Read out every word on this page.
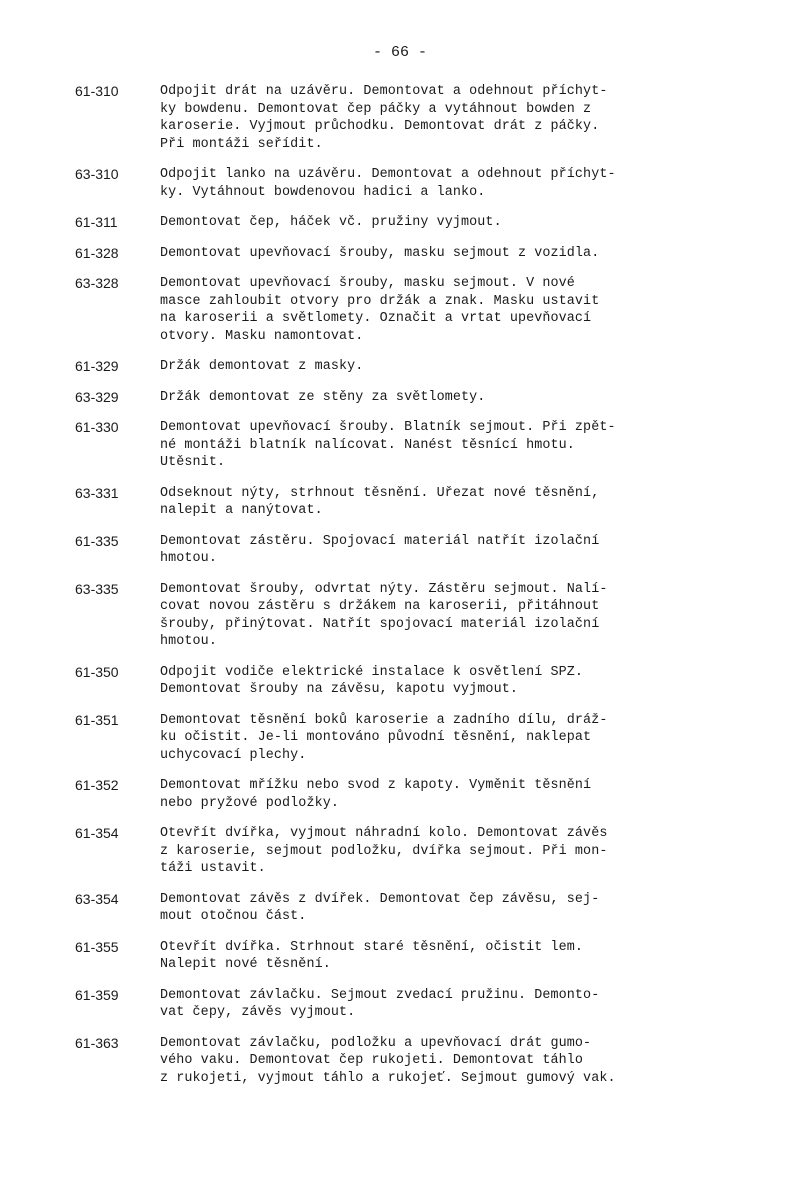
- 66 -
61-310	Odpojit drát na uzávěru. Demontovat a odehnout příchyt-
ky bowdenu. Demontovat čep páčky a vytáhnout bowden z
karoserie. Vyjmout průchodku. Demontovat drát z páčky.
Při montáži seřídit.
63-310	Odpojit lanko na uzávěru. Demontovat a odehnout příchyt-
ky. Vytáhnout bowdenovou hadici a lanko.
61-311	Demontovat čep, háček vč. pružiny vyjmout.
61-328	Demontovat upevňovací šrouby, masku sejmout z vozidla.
63-328	Demontovat upevňovací šrouby, masku sejmout. V nové
masce zahloubit otvory pro držák a znak. Masku ustavit
na karoserii a světlomety. Označit a vrtat upevňovací
otvory. Masku namontovat.
61-329	Držák demontovat z masky.
63-329	Držák demontovat ze stěny za světlomety.
61-330	Demontovat upevňovací šrouby. Blatník sejmout. Při zpět-
né montáži blatník nalícovat. Nanést těsnící hmotu.
Utěsnit.
63-331	Odseknout nýty, strhnout těsnění. Uřezat nové těsnění,
nalepit a nanýtovat.
61-335	Demontovat zástěru. Spojovací materiál natřít izolační
hmotou.
63-335	Demontovat šrouby, odvrtat nýty. Zástěru sejmout. Nalí-
covat novou zástěru s držákem na karoserii, přitáhnout
šrouby, přinýtovat. Natřít spojovací materiál izolační
hmotou.
61-350	Odpojit vodiče elektrické instalace k osvětlení SPZ.
Demontovat šrouby na závěsu, kapotu vyjmout.
61-351	Demontovat těsnění boků karoserie a zadního dílu, dráž-
ku očistit. Je-li montováno původní těsnění, naklepat
uchycovací plechy.
61-352	Demontovat mřížku nebo svod z kapoty. Vyměnit těsnění
nebo pryžové podložky.
61-354	Otevřít dvířka, vyjmout náhradní kolo. Demontovat závěs
z karoserie, sejmout podložku, dvířka sejmout. Při mon-
táži ustavit.
63-354	Demontovat závěs z dvířek. Demontovat čep závěsu, sej-
mout otočnou část.
61-355	Otevřít dvířka. Strhnout staré těsnění, očistit lem.
Nalepit nové těsnění.
61-359	Demontovat závlačku. Sejmout zvedací pružinu. Demonto-
vat čepy, závěs vyjmout.
61-363	Demontovat závlačku, podložku a upevňovací drát gumo-
vého vaku. Demontovat čep rukojeti. Demontovat táhlo
z rukojeti, vyjmout táhlo a rukojeť. Sejmout gumový vak.
